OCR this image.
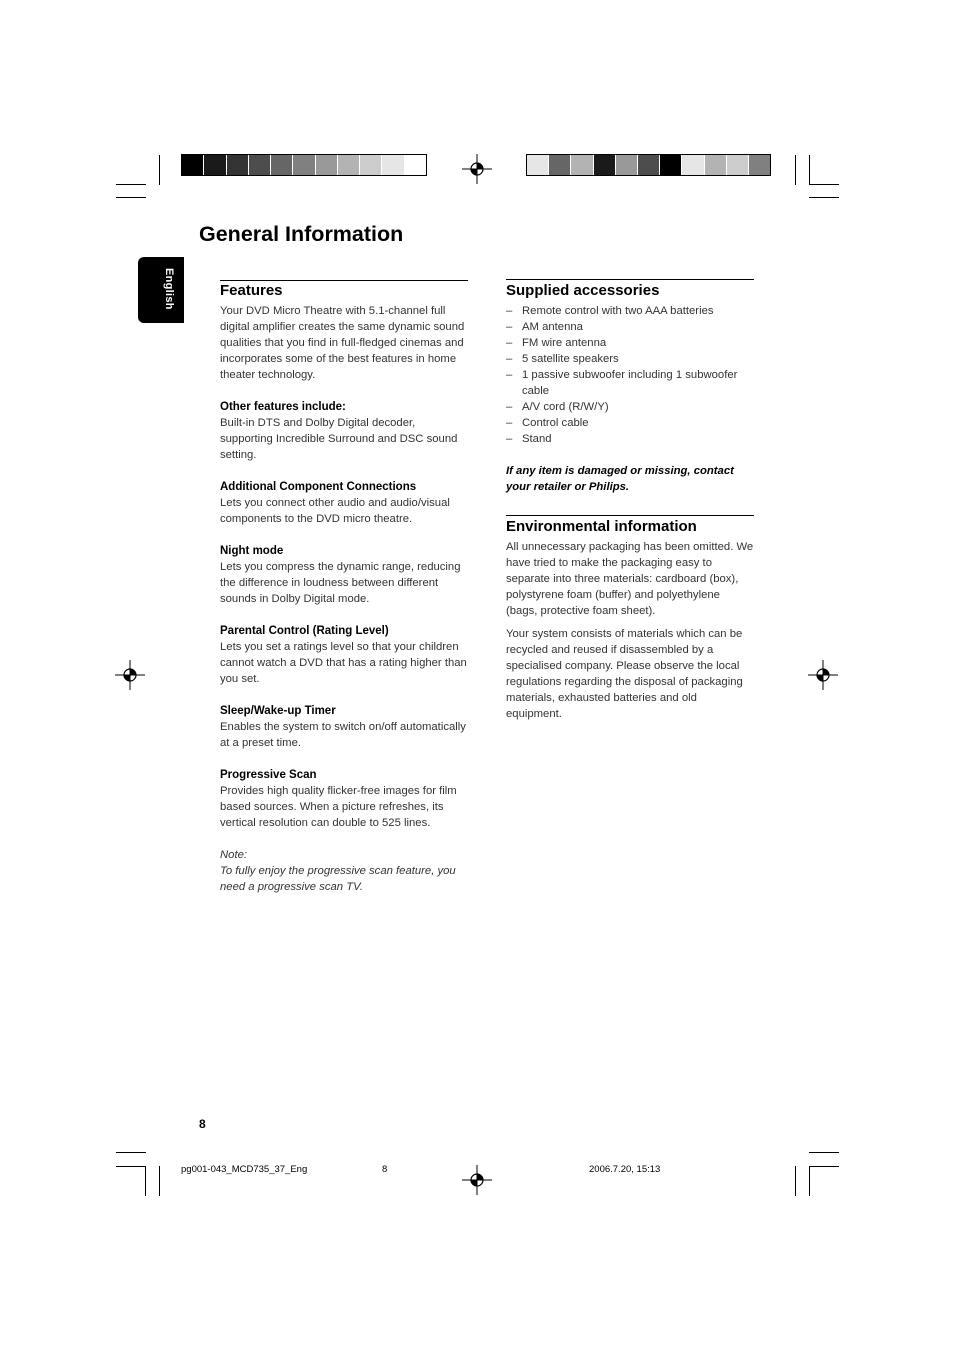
General Information
English	Features

Your DVD Micro Theatre with 5.1-channel full digital amplifier creates the same dynamic sound qualities that you find in full-fledged cinemas and incorporates some of the best features in home theater technology.

Other features include:

Built-in DTS and Dolby Digital decoder, supporting Incredible Surround and DSC sound setting.

Additional Component Connections

Lets you connect other audio and audio/visual components to the DVD micro theatre.

Night mode

Lets you compress the dynamic range, reducing the difference in loudness between different sounds in Dolby Digital mode.

Parental Control (Rating Level)

Lets you set a ratings level so that your children cannot watch a DVD that has a rating higher than you set.

Sleep/Wake-up Timer

Enables the system to switch on/off automatically at a preset time.

Progressive Scan

Provides high quality flicker-free images for film based sources. When a picture refreshes, its vertical resolution can double to 525 lines.

Note:

To fully enjoy the progressive scan feature, you need a progressive scan TV.

Supplied accessories
– Remote control with two AAA batteries
– AM antenna
– FM wire antenna
– 5 satellite speakers
– 1 passive subwoofer including 1 subwoofer cable
– A/V cord (R/W/Y)
– Control cable
– Stand

If any item is damaged or missing, contact your retailer or Philips.

Environmental information

All unnecessary packaging has been omitted. We have tried to make the packaging easy to separate into three materials: cardboard (box), polystyrene foam (buffer) and polyethylene (bags, protective foam sheet).

Your system consists of materials which can be recycled and reused if disassembled by a specialised company. Please observe the local regulations regarding the disposal of packaging materials, exhausted batteries and old equipment.

8
pg001-043_MCD735_37_Eng	8	2006.7.20, 15:13
